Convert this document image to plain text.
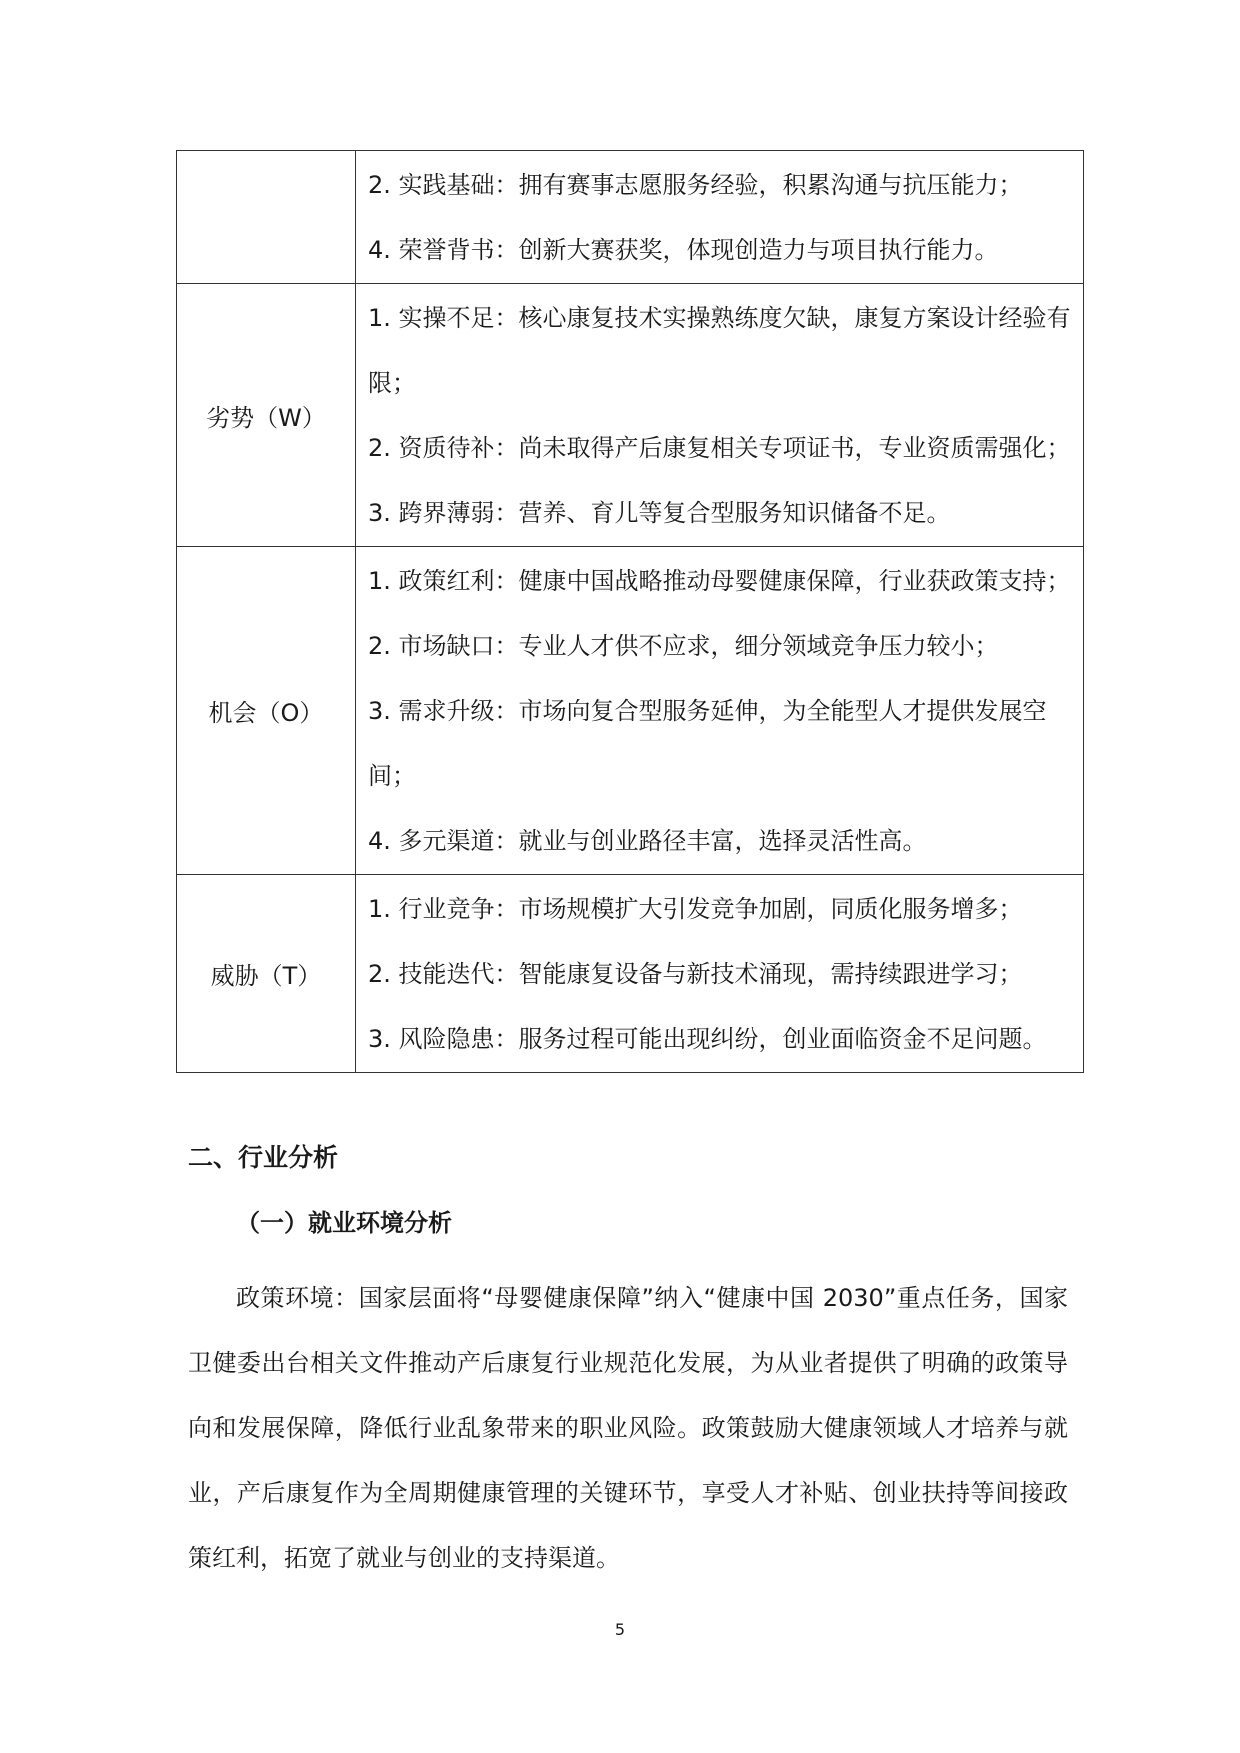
	2. 实践基础：拥有赛事志愿服务经验，积累沟通与抗压能力；
4. 荣誉背书：创新大赛获奖，体现创造力与项目执行能力。

劣势（W）	1. 实操不足：核心康复技术实操熟练度欠缺，康复方案设计经验有限；
2. 资质待补：尚未取得产后康复相关专项证书，专业资质需强化；
3. 跨界薄弱：营养、育儿等复合型服务知识储备不足。

机会（O）	1. 政策红利：健康中国战略推动母婴健康保障，行业获政策支持；
2. 市场缺口：专业人才供不应求，细分领域竞争压力较小；
3. 需求升级：市场向复合型服务延伸，为全能型人才提供发展空间；
4. 多元渠道：就业与创业路径丰富，选择灵活性高。

威胁（T）	1. 行业竞争：市场规模扩大引发竞争加剧，同质化服务增多；
2. 技能迭代：智能康复设备与新技术涌现，需持续跟进学习；
3. 风险隐患：服务过程可能出现纠纷，创业面临资金不足问题。
二、行业分析
（一）就业环境分析

政策环境：国家层面将“母婴健康保障”纳入“健康中国 2030”重点任务，国家卫健委出台相关文件推动产后康复行业规范化发展，为从业者提供了明确的政策导向和发展保障，降低行业乱象带来的职业风险。政策鼓励大健康领域人才培养与就业，产后康复作为全周期健康管理的关键环节，享受人才补贴、创业扶持等间接政策红利，拓宽了就业与创业的支持渠道。

5
